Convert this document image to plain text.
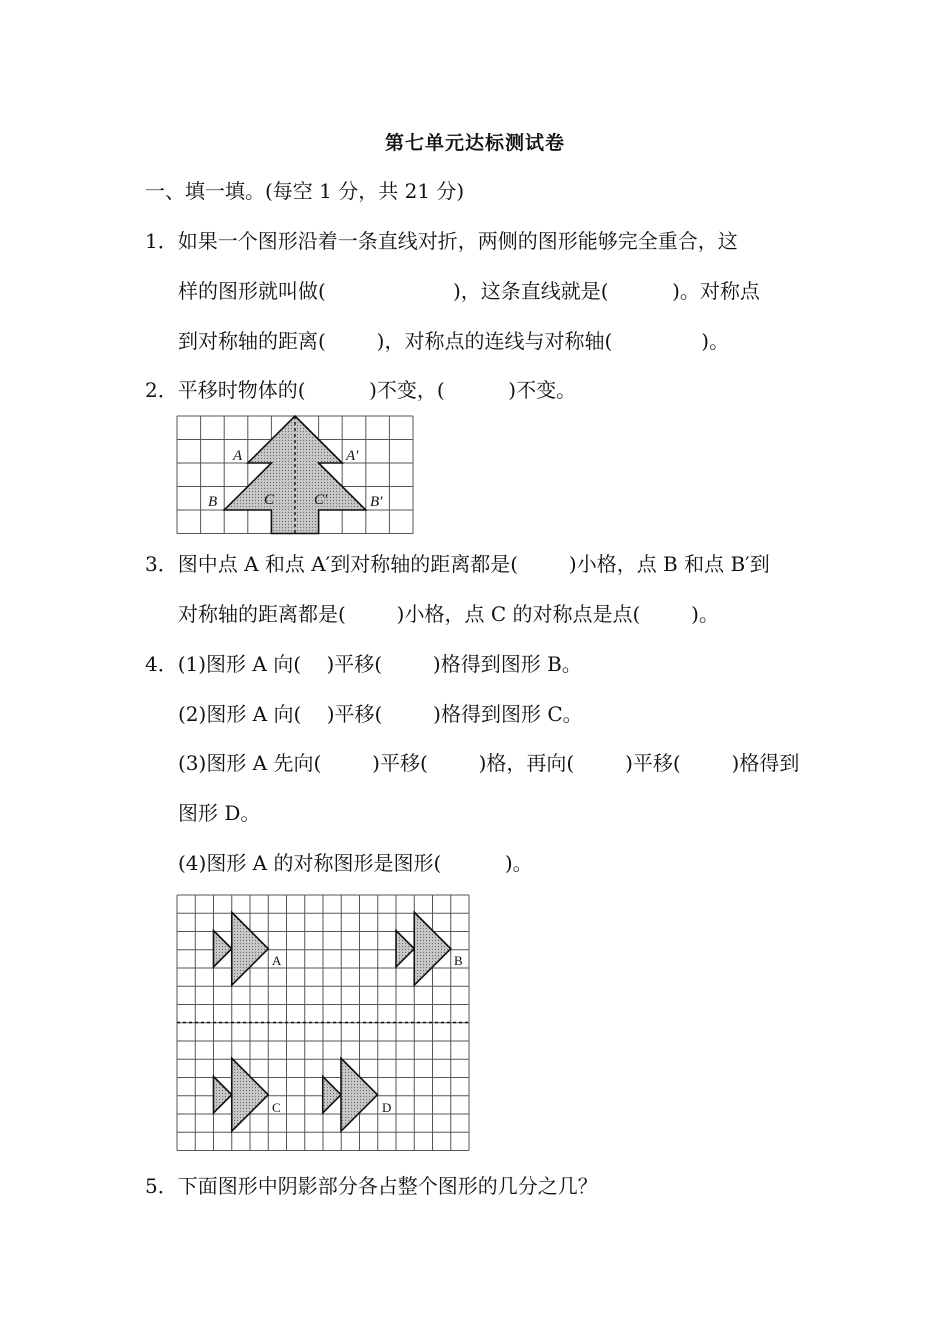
第七单元达标测试卷
一、填一填。(每空 1 分，共 21 分)
1．如果一个图形沿着一条直线对折，两侧的图形能够完全重合，这
样的图形就叫做(                    )，这条直线就是(          )。对称点
到对称轴的距离(        )，对称点的连线与对称轴(              )。
2．平移时物体的(          )不变，(          )不变。
A	A′
B	B′
C	C′
3．图中点 A 和点 A′到对称轴的距离都是(        )小格，点 B 和点 B′到
对称轴的距离都是(        )小格，点 C 的对称点是点(        )。
4．(1)图形 A 向(    )平移(        )格得到图形 B。
(2)图形 A 向(    )平移(        )格得到图形 C。
(3)图形 A 先向(        )平移(        )格，再向(        )平移(        )格得到
图形 D。
(4)图形 A 的对称图形是图形(          )。
A	B
C	D
5．下面图形中阴影部分各占整个图形的几分之几？
